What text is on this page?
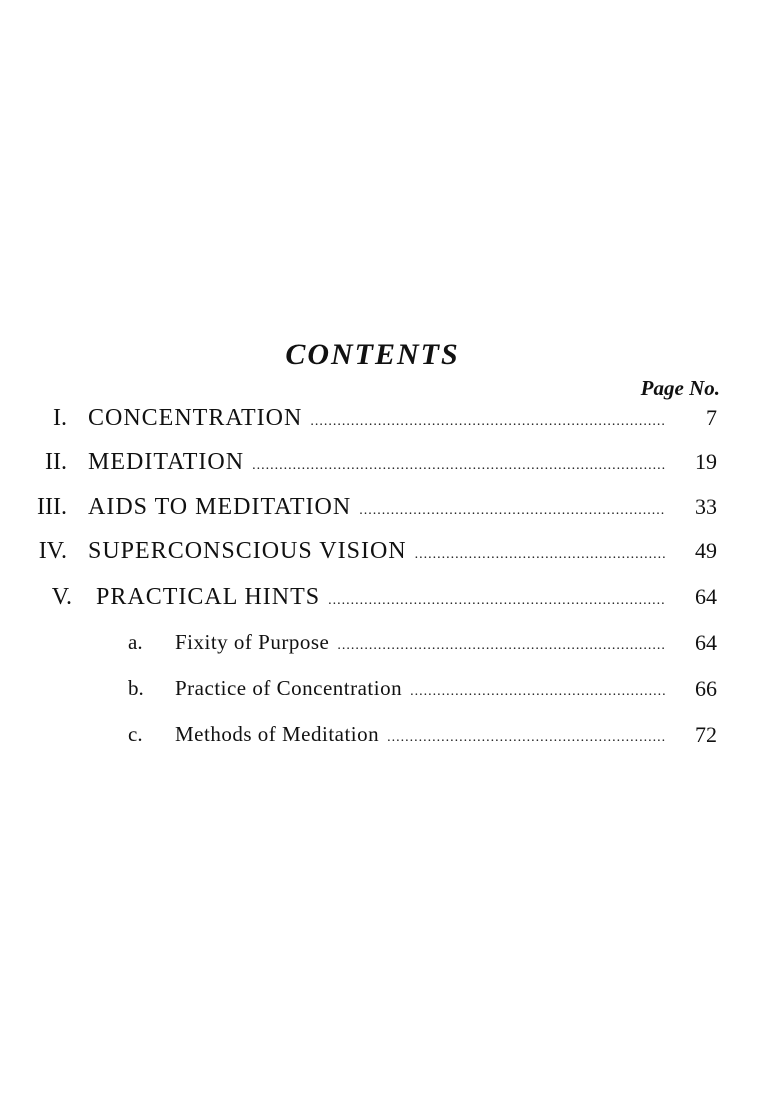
CONTENTS
Page No.
I. CONCENTRATION .....	7
II. MEDITATION .....	19
III. AIDS TO MEDITATION .....	33
IV. SUPERCONSCIOUS VISION .....	49
V. PRACTICAL HINTS .....	64
a. Fixity of Purpose .....	64
b. Practice of Concentration .....	66
c. Methods of Meditation .....	72
